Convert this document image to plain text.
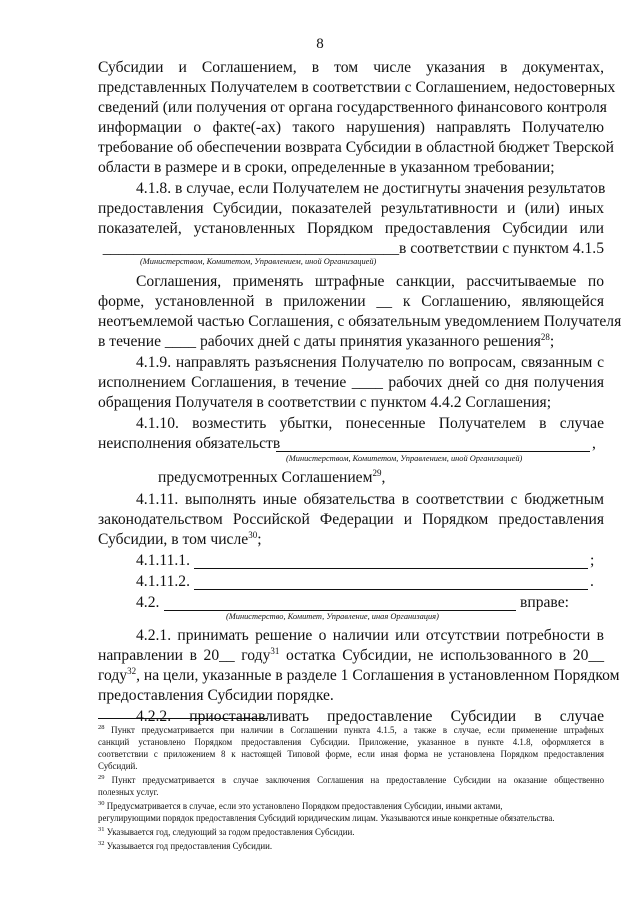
8
Субсидии и Соглашением, в том числе указания в документах,
представленных Получателем в соответствии с Соглашением, недостоверных
сведений (или получения от органа государственного финансового контроля
информации о факте(-ах) такого нарушения) направлять Получателю
требование об обеспечении возврата Субсидии в областной бюджет Тверской
области в размере и в сроки, определенные в указанном требовании;
4.1.8. в случае, если Получателем не достигнуты значения результатов
предоставления Субсидии, показателей результативности и (или) иных
показателей, установленных Порядком предоставления Субсидии или
______________________________________в соответствии с пунктом 4.1.5
(Министерством, Комитетом, Управлением, иной Организацией)
Соглашения, применять штрафные санкции, рассчитываемые по
форме, установленной в приложении __ к Соглашению, являющейся
неотъемлемой частью Соглашения, с обязательным уведомлением Получателя
в течение ____ рабочих дней с даты принятия указанного решения$^{28}$;
4.1.9. направлять разъяснения Получателю по вопросам, связанным с
исполнением Соглашения, в течение ____ рабочих дней со дня получения
обращения Получателя в соответствии с пунктом 4.4.2 Соглашения;
4.1.10. возместить убытки, понесенные Получателем в случае
неисполнения обязательств	,
(Министерством, Комитетом, Управлением, иной Организацией)
предусмотренных Соглашением$^{29}$,
4.1.11. выполнять иные обязательства в соответствии с бюджетным
законодательством Российской Федерации и Порядком предоставления
Субсидии, в том числе$^{30}$;
4.1.11.1.	;
4.1.11.2.	.
4.2.	вправе:
(Министерство, Комитет, Управление, иная Организация)
4.2.1. принимать решение о наличии или отсутствии потребности в
направлении в 20__ году$^{31}$ остатка Субсидии, не использованного в 20__
году$^{32}$, на цели, указанные в разделе 1 Соглашения в установленном Порядком
предоставления Субсидии порядке.
$^{28}$ Пункт предусматривается при наличии в Соглашении пункта 4.1.5, а также в случае, если применение штрафных
санкций установлено Порядком предоставления Субсидии. Приложение, указанное в пункте 4.1.8, оформляется в
соответствии с приложением 8 к настоящей Типовой форме, если иная форма не установлена Порядком предоставления
Субсидий.
$^{29}$ Пункт предусматривается в случае заключения Соглашения на предоставление Субсидии на оказание общественно
полезных услуг.
$^{30}$ Предусматривается в случае, если это установлено Порядком предоставления Субсидии, иными актами,
регулирующими порядок предоставления Субсидий юридическим лицам. Указываются иные конкретные обязательства.
$^{31}$ Указывается год, следующий за годом предоставления Субсидии.
$^{32}$ Указывается год предоставления Субсидии.
4.2.2. приостанавливать предоставление Субсидии в случае
